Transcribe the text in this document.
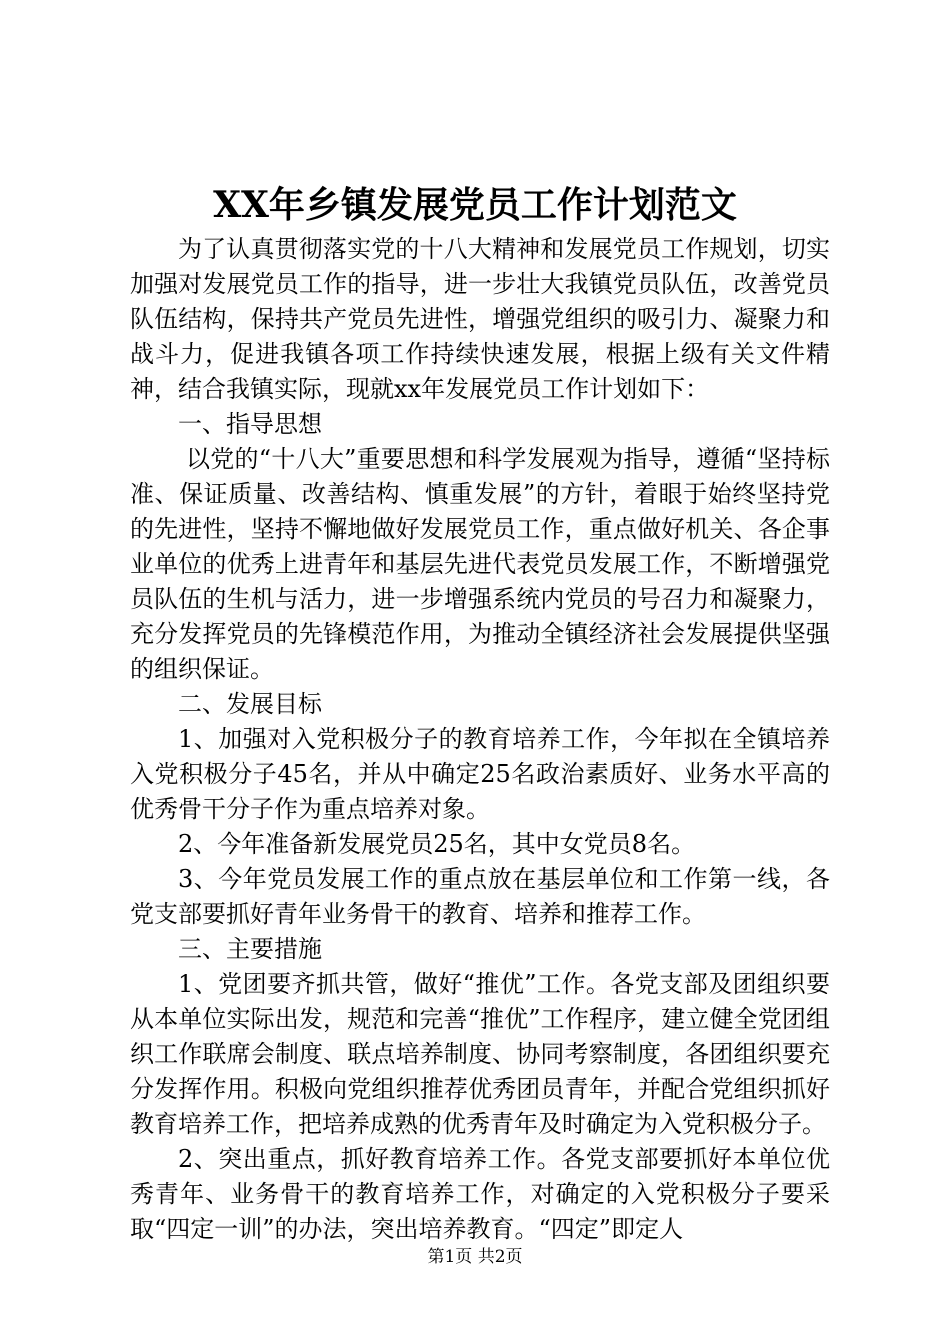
XX年乡镇发展党员工作计划范文

为了认真贯彻落实党的十八大精神和发展党员工作规划，切实加强对发展党员工作的指导，进一步壮大我镇党员队伍，改善党员队伍结构，保持共产党员先进性，增强党组织的吸引力、凝聚力和战斗力，促进我镇各项工作持续快速发展，根据上级有关文件精神，结合我镇实际，现就xx年发展党员工作计划如下：

一、指导思想

以党的“十八大”重要思想和科学发展观为指导，遵循“坚持标准、保证质量、改善结构、慎重发展”的方针，着眼于始终坚持党的先进性，坚持不懈地做好发展党员工作，重点做好机关、各企事业单位的优秀上进青年和基层先进代表党员发展工作，不断增强党员队伍的生机与活力，进一步增强系统内党员的号召力和凝聚力，充分发挥党员的先锋模范作用，为推动全镇经济社会发展提供坚强的组织保证。

二、发展目标

1、加强对入党积极分子的教育培养工作，今年拟在全镇培养入党积极分子45名，并从中确定25名政治素质好、业务水平高的优秀骨干分子作为重点培养对象。

2、今年准备新发展党员25名，其中女党员8名。

3、今年党员发展工作的重点放在基层单位和工作第一线，各党支部要抓好青年业务骨干的教育、培养和推荐工作。

三、主要措施

1、党团要齐抓共管，做好“推优”工作。各党支部及团组织要从本单位实际出发，规范和完善“推优”工作程序，建立健全党团组织工作联席会制度、联点培养制度、协同考察制度，各团组织要充分发挥作用。积极向党组织推荐优秀团员青年，并配合党组织抓好教育培养工作，把培养成熟的优秀青年及时确定为入党积极分子。

2、突出重点，抓好教育培养工作。各党支部要抓好本单位优秀青年、业务骨干的教育培养工作，对确定的入党积极分子要采取“四定一训”的办法，突出培养教育。“四定”即定人

第1页 共2页
